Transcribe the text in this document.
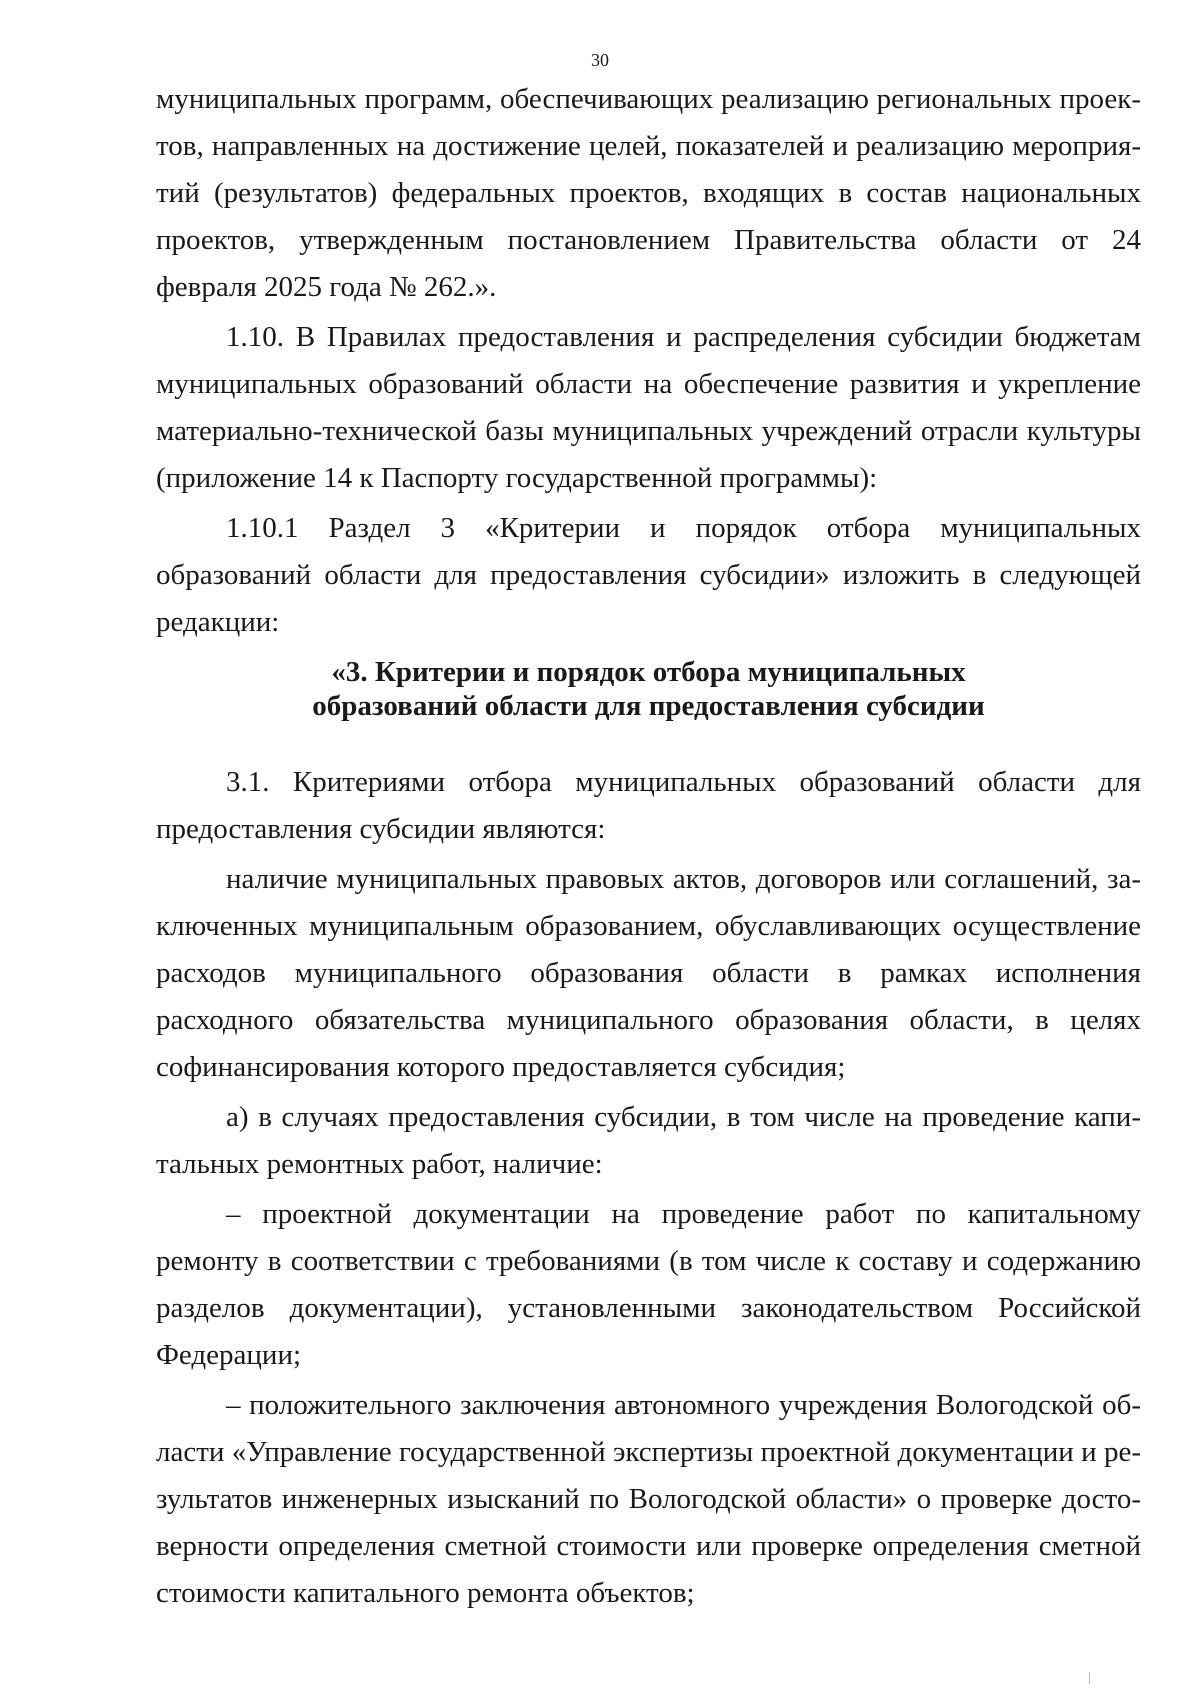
30

муниципальных программ, обеспечивающих реализацию региональных проектов, направленных на достижение целей, показателей и реализацию мероприятий (результатов) федеральных проектов, входящих в состав национальных проектов, утвержденным постановлением Правительства области от 24 февраля 2025 года № 262.».

1.10. В Правилах предоставления и распределения субсидии бюджетам муниципальных образований области на обеспечение развития и укрепление материально-технической базы муниципальных учреждений отрасли культуры (приложение 14 к Паспорту государственной программы):

1.10.1 Раздел 3 «Критерии и порядок отбора муниципальных образований области для предоставления субсидии» изложить в следующей редакции:

«3. Критерии и порядок отбора муниципальных
образований области для предоставления субсидии

3.1. Критериями отбора муниципальных образований области для предоставления субсидии являются:

наличие муниципальных правовых актов, договоров или соглашений, заключенных муниципальным образованием, обуславливающих осуществление расходов муниципального образования области в рамках исполнения расходного обязательства муниципального образования области, в целях софинансирования которого предоставляется субсидия;

а) в случаях предоставления субсидии, в том числе на проведение капитальных ремонтных работ, наличие:

– проектной документации на проведение работ по капитальному ремонту в соответствии с требованиями (в том числе к составу и содержанию разделов документации), установленными законодательством Российской Федерации;

– положительного заключения автономного учреждения Вологодской области «Управление государственной экспертизы проектной документации и результатов инженерных изысканий по Вологодской области» о проверке достоверности определения сметной стоимости или проверке определения сметной стоимости капитального ремонта объектов;
